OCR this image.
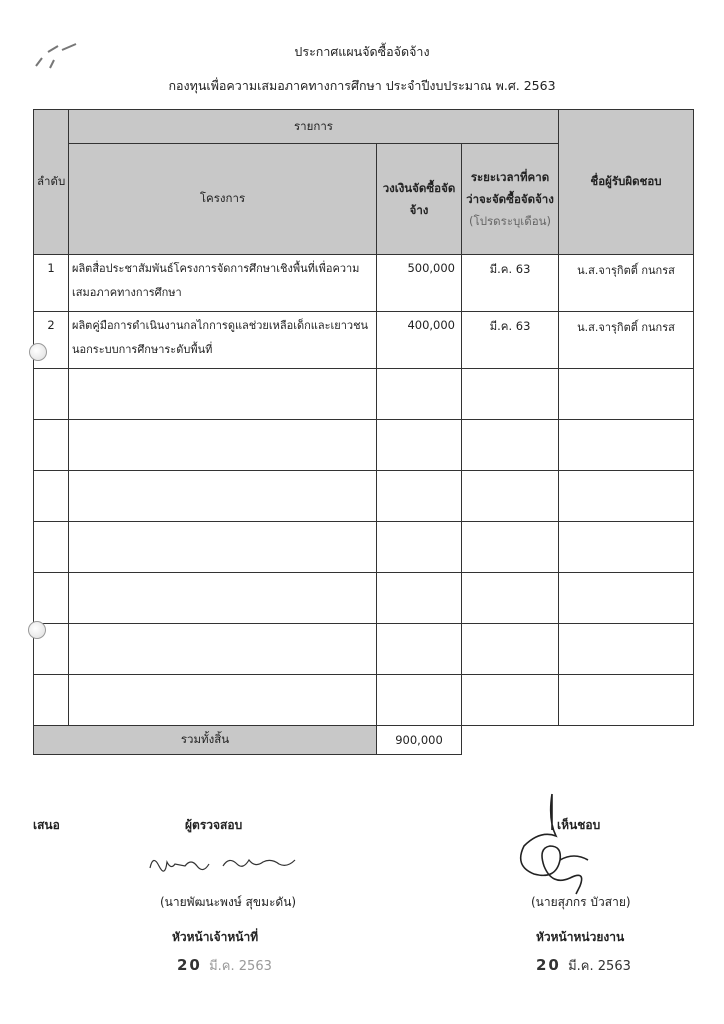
ประกาศแผนจัดซื้อจัดจ้าง
กองทุนเพื่อความเสมอภาคทางการศึกษา ประจำปีงบประมาณ พ.ศ. 2563
ลำดับ	รายการ			ชื่อผู้รับผิดชอบ
	โครงการ	วงเงินจัดซื้อจัดจ้าง	ระยะเวลาที่คาดว่าจะจัดซื้อจัดจ้าง
(โปรดระบุเดือน)	
1	ผลิตสื่อประชาสัมพันธ์โครงการจัดการศึกษาเชิงพื้นที่เพื่อความเสมอภาคทางการศึกษา	500,000	มี.ค. 63	น.ส.จารุกิตติ์ กนกรส
2	ผลิตคู่มือการดำเนินงานกลไกการดูแลช่วยเหลือเด็กและเยาวชนนอกระบบการศึกษาระดับพื้นที่	400,000	มี.ค. 63	น.ส.จารุกิตติ์ กนกรส

รวมทั้งสิ้น		900,000		
เสนอ	ผู้ตรวจสอบ
(นายพัฒนะพงษ์ สุขมะดัน)
หัวหน้าเจ้าหน้าที่
20 มี.ค. 2563
เห็นชอบ
(นายสุภกร บัวสาย)
หัวหน้าหน่วยงาน
20 มี.ค. 2563
